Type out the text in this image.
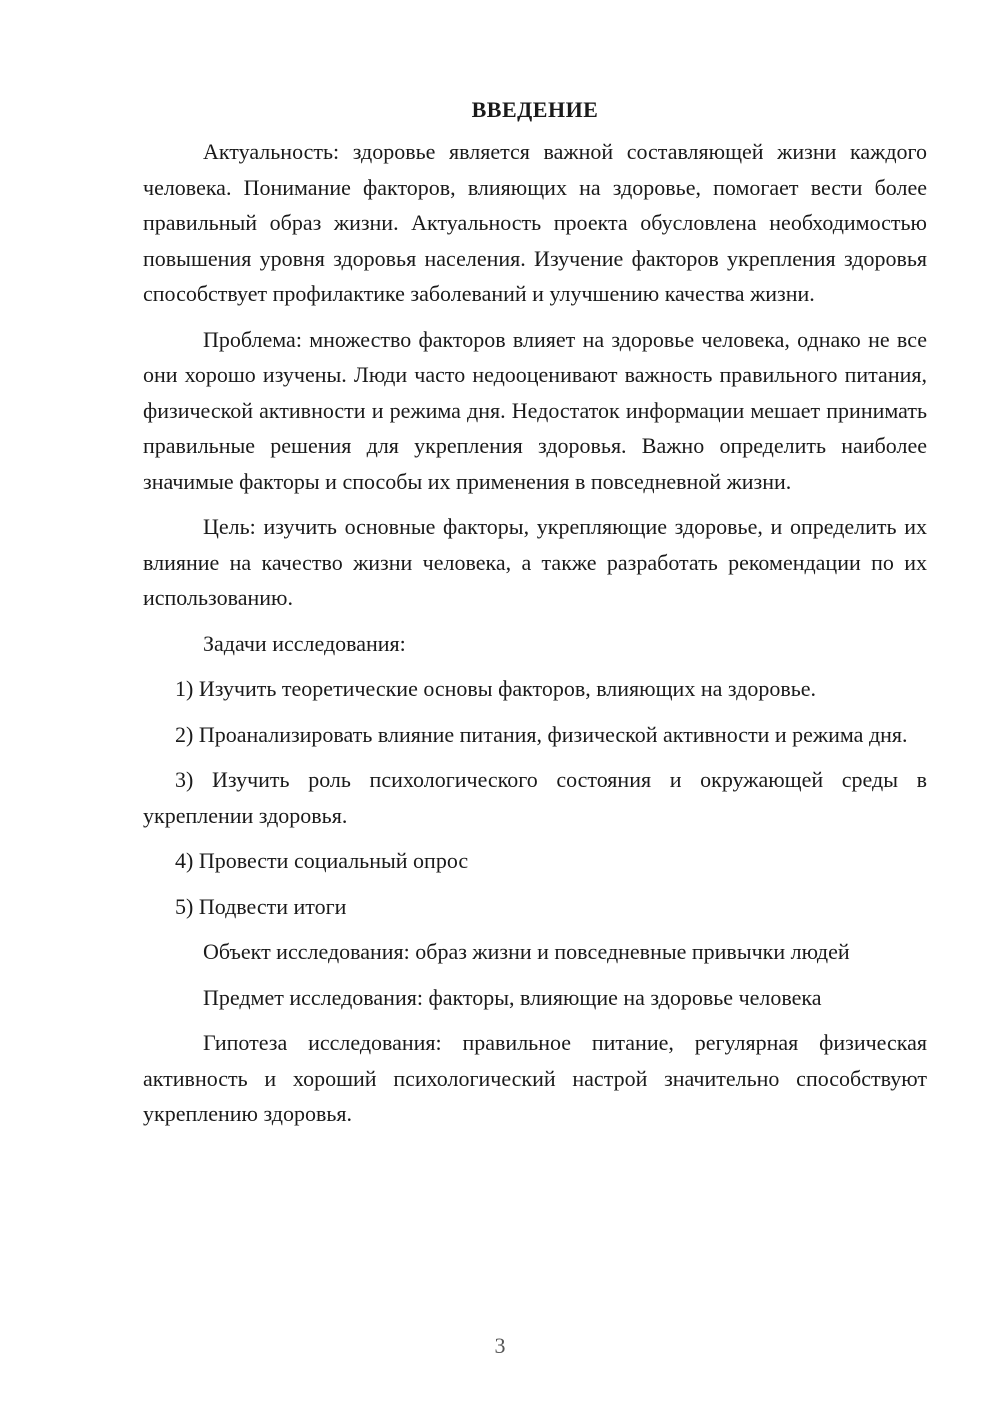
ВВЕДЕНИЕ

Актуальность: здоровье является важной составляющей жизни каждого человека. Понимание факторов, влияющих на здоровье, помогает вести более правильный образ жизни. Актуальность проекта обусловлена необходимостью повышения уровня здоровья населения. Изучение факторов укрепления здоровья способствует профилактике заболеваний и улучшению качества жизни.

Проблема: множество факторов влияет на здоровье человека, однако не все они хорошо изучены. Люди часто недооценивают важность правильного питания, физической активности и режима дня. Недостаток информации мешает принимать правильные решения для укрепления здоровья. Важно определить наиболее значимые факторы и способы их применения в повседневной жизни.

Цель: изучить основные факторы, укрепляющие здоровье, и определить их влияние на качество жизни человека, а также разработать рекомендации по их использованию.

Задачи исследования:

1) Изучить теоретические основы факторов, влияющих на здоровье.

2) Проанализировать влияние питания, физической активности и режима дня.

3) Изучить роль психологического состояния и окружающей среды в укреплении здоровья.

4) Провести социальный опрос

5) Подвести итоги

Объект исследования: образ жизни и повседневные привычки людей

Предмет исследования: факторы, влияющие на здоровье человека

Гипотеза исследования: правильное питание, регулярная физическая активность и хороший психологический настрой значительно способствуют укреплению здоровья.

3
